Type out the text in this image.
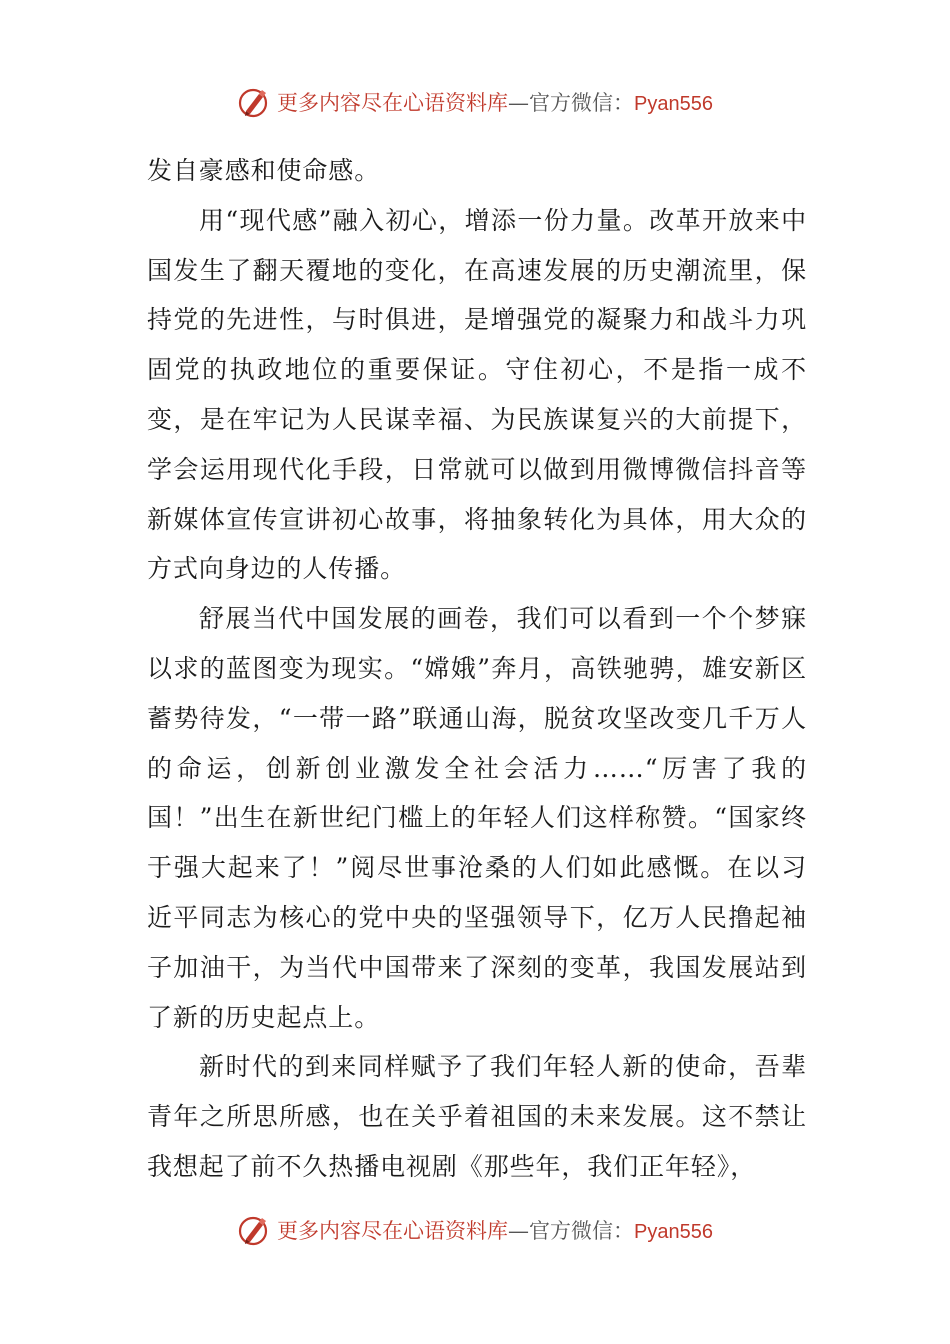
更多内容尽在心语资料库 — 官方微信： Pyan556

发自豪感和使命感。

用“现代感”融入初心，增添一份力量。改革开放来中国发生了翻天覆地的变化，在高速发展的历史潮流里，保持党的先进性，与时俱进，是增强党的凝聚力和战斗力巩固党的执政地位的重要保证。守住初心，不是指一成不变，是在牢记为人民谋幸福、为民族谋复兴的大前提下，学会运用现代化手段，日常就可以做到用微博微信抖音等新媒体宣传宣讲初心故事，将抽象转化为具体，用大众的方式向身边的人传播。

舒展当代中国发展的画卷，我们可以看到一个个梦寐以求的蓝图变为现实。“嫦娥”奔月，高铁驰骋，雄安新区蓄势待发，“一带一路”联通山海，脱贫攻坚改变几千万人的命运，创新创业激发全社会活力……“厉害了我的国！”出生在新世纪门槛上的年轻人们这样称赞。“国家终于强大起来了！”阅尽世事沧桑的人们如此感慨。在以习近平同志为核心的党中央的坚强领导下，亿万人民撸起袖子加油干，为当代中国带来了深刻的变革，我国发展站到了新的历史起点上。

新时代的到来同样赋予了我们年轻人新的使命，吾辈青年之所思所感，也在关乎着祖国的未来发展。这不禁让我想起了前不久热播电视剧《那些年，我们正年轻》，

更多内容尽在心语资料库 — 官方微信： Pyan556
